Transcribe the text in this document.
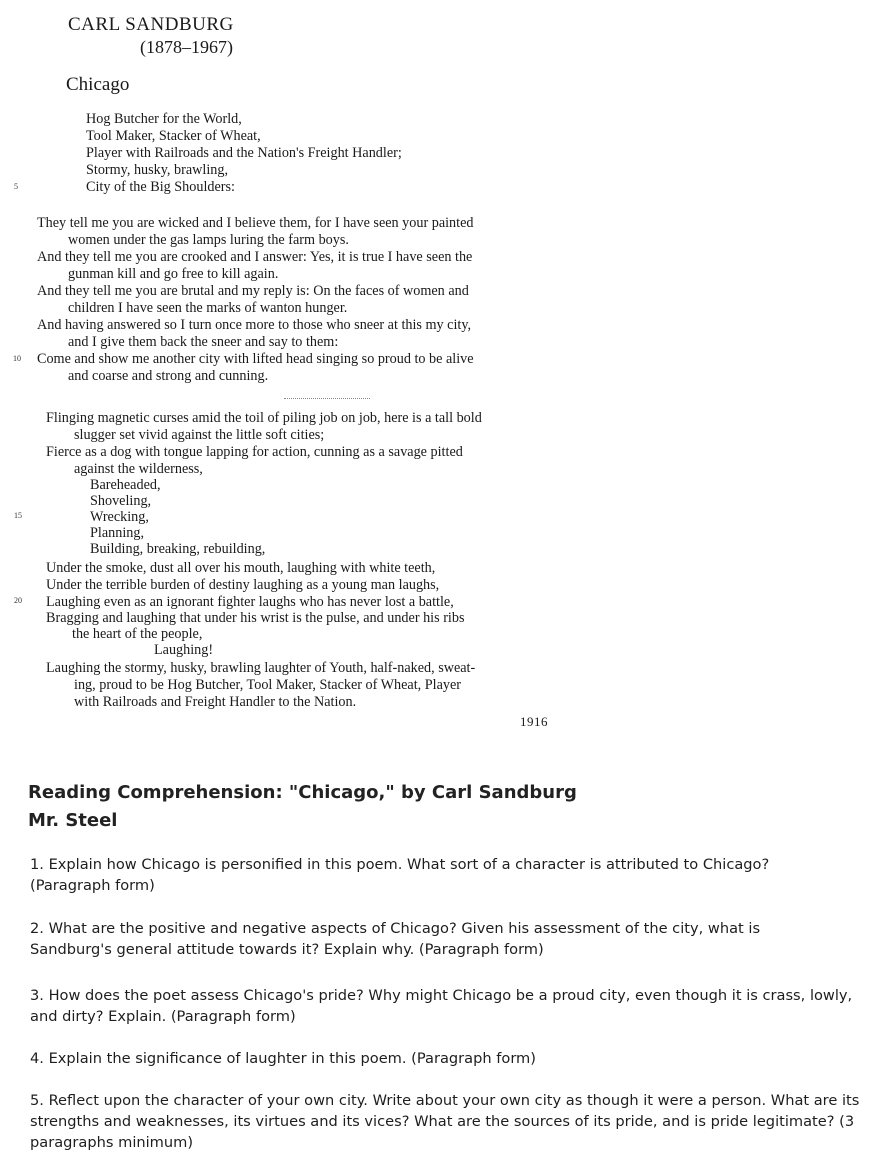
CARL SANDBURG
(1878–1967)
Chicago
Hog Butcher for the World,
Tool Maker, Stacker of Wheat,
Player with Railroads and the Nation's Freight Handler;
Stormy, husky, brawling,
City of the Big Shoulders:
5
They tell me you are wicked and I believe them, for I have seen your painted
women under the gas lamps luring the farm boys.
And they tell me you are crooked and I answer: Yes, it is true I have seen the
gunman kill and go free to kill again.
And they tell me you are brutal and my reply is: On the faces of women and
children I have seen the marks of wanton hunger.
And having answered so I turn once more to those who sneer at this my city,
and I give them back the sneer and say to them:
Come and show me another city with lifted head singing so proud to be alive
10
and coarse and strong and cunning.
Flinging magnetic curses amid the toil of piling job on job, here is a tall bold
slugger set vivid against the little soft cities;
Fierce as a dog with tongue lapping for action, cunning as a savage pitted
against the wilderness,
Bareheaded,
Shoveling,
Wrecking,
15
Planning,
Building, breaking, rebuilding,
Under the smoke, dust all over his mouth, laughing with white teeth,
Under the terrible burden of destiny laughing as a young man laughs,
Laughing even as an ignorant fighter laughs who has never lost a battle,
20
Bragging and laughing that under his wrist is the pulse, and under his ribs
the heart of the people,
Laughing!
Laughing the stormy, husky, brawling laughter of Youth, half-naked, sweat-
ing, proud to be Hog Butcher, Tool Maker, Stacker of Wheat, Player
with Railroads and Freight Handler to the Nation.
1916
Reading Comprehension: "Chicago," by Carl Sandburg
Mr. Steel
1. Explain how Chicago is personified in this poem. What sort of a character is attributed to Chicago? (Paragraph form)
2. What are the positive and negative aspects of Chicago? Given his assessment of the city, what is Sandburg's general attitude towards it? Explain why. (Paragraph form)
3. How does the poet assess Chicago's pride? Why might Chicago be a proud city, even though it is crass, lowly, and dirty? Explain. (Paragraph form)
4. Explain the significance of laughter in this poem. (Paragraph form)
5. Reflect upon the character of your own city. Write about your own city as though it were a person. What are its strengths and weaknesses, its virtues and its vices? What are the sources of its pride, and is pride legitimate? (3 paragraphs minimum)
